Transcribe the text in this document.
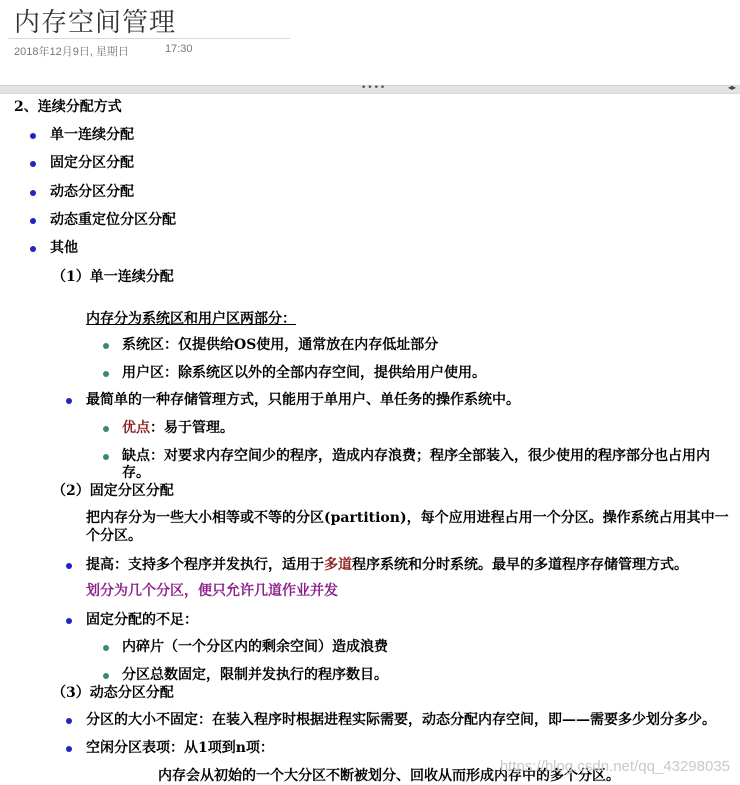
内存空间管理
2018年12月9日, 星期日	17:30
••••	◂▸
2、连续分配方式
单一连续分配
固定分区分配
动态分区分配
动态重定位分区分配
其他
（1）单一连续分配
内存分为系统区和用户区两部分：
系统区：仅提供给OS使用，通常放在内存低址部分
用户区：除系统区以外的全部内存空间，提供给用户使用。
最简单的一种存储管理方式，只能用于单用户、单任务的操作系统中。
优点：易于管理。
缺点：对要求内存空间少的程序，造成内存浪费；程序全部装入，很少使用的程序部分也占用内
存。
（2）固定分区分配
把内存分为一些大小相等或不等的分区(partition)，每个应用进程占用一个分区。操作系统占用其中一
个分区。
提高：支持多个程序并发执行，适用于多道程序系统和分时系统。最早的多道程序存储管理方式。
划分为几个分区，便只允许几道作业并发
固定分配的不足：
内碎片（一个分区内的剩余空间）造成浪费
分区总数固定，限制并发执行的程序数目。
（3）动态分区分配
分区的大小不固定：在装入程序时根据进程实际需要，动态分配内存空间，即——需要多少划分多少。
空闲分区表项：从1项到n项：
内存会从初始的一个大分区不断被划分、回收从而形成内存中的多个分区。
https://blog.csdn.net/qq_43298035
